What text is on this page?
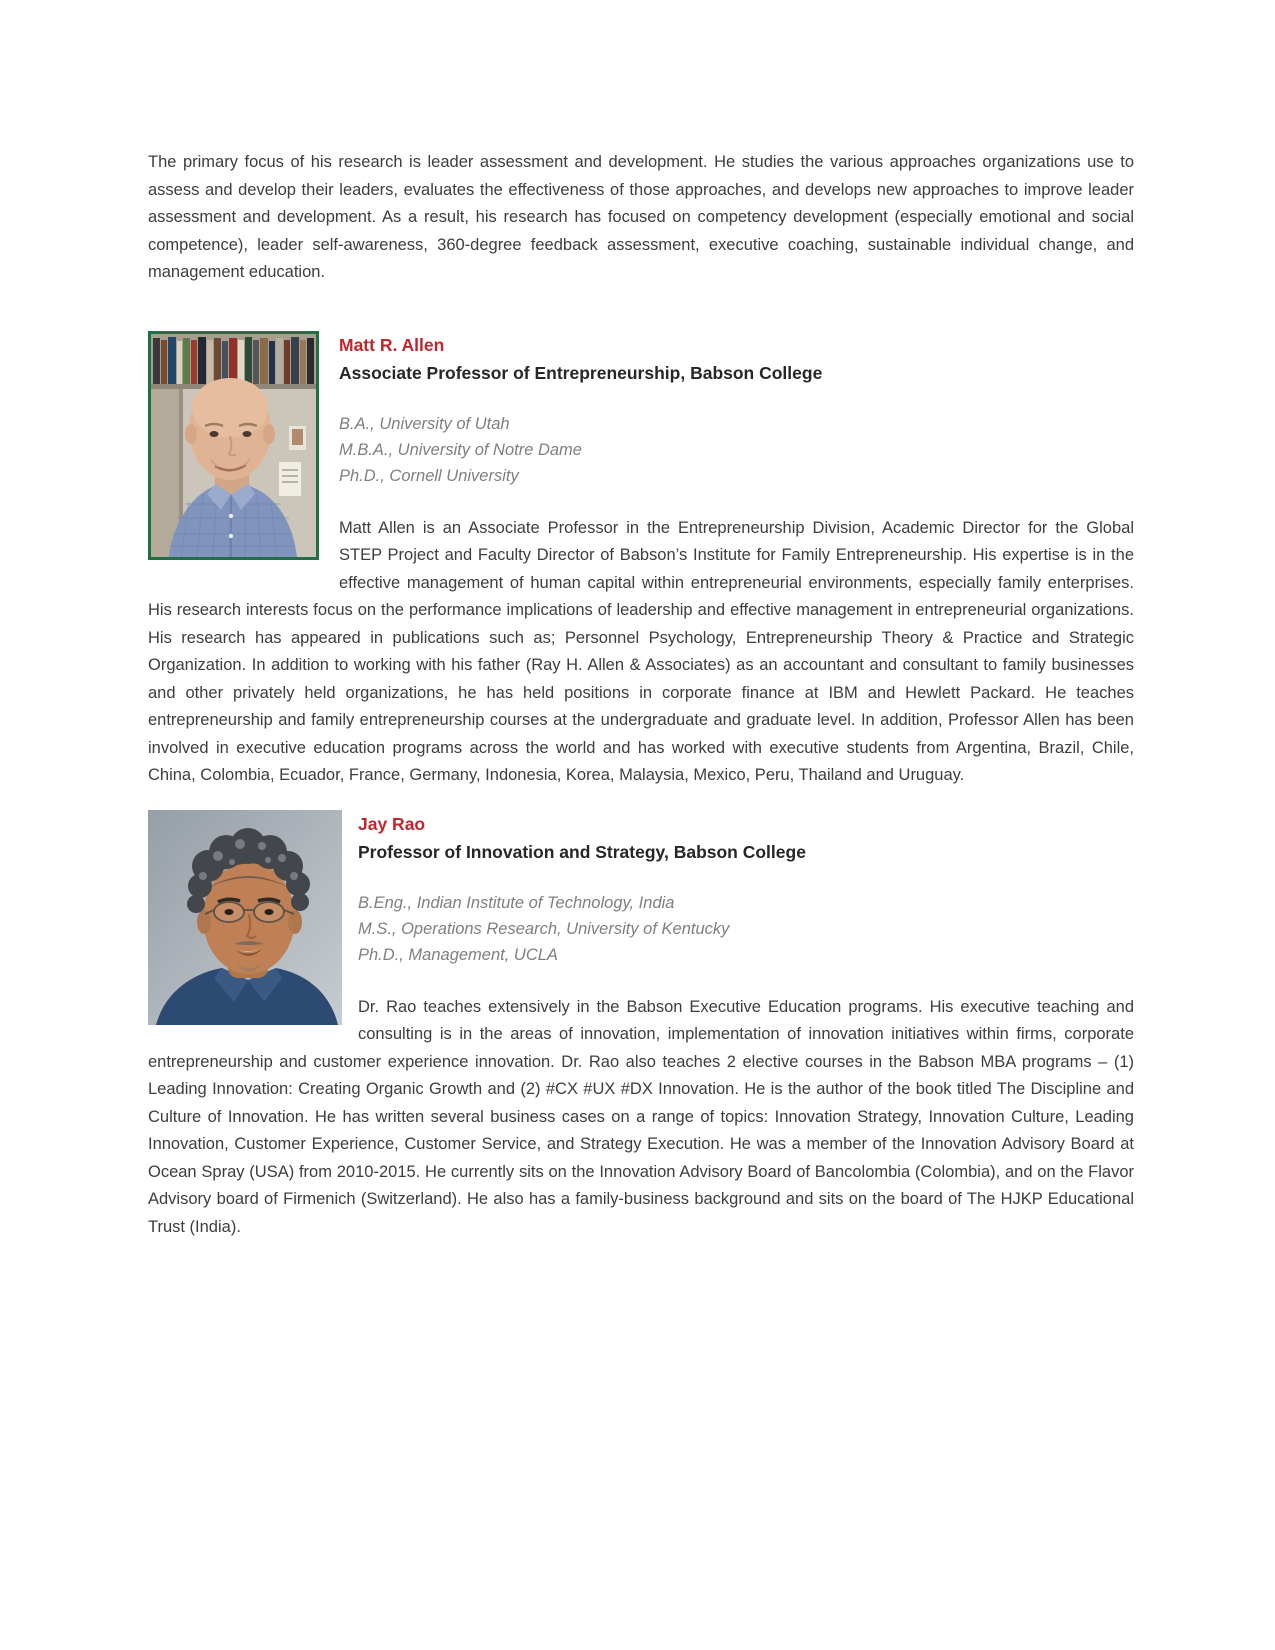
The primary focus of his research is leader assessment and development. He studies the various approaches organizations use to assess and develop their leaders, evaluates the effectiveness of those approaches, and develops new approaches to improve leader assessment and development. As a result, his research has focused on competency development (especially emotional and social competence), leader self-awareness, 360-degree feedback assessment, executive coaching, sustainable individual change, and management education.

Matt R. Allen
Associate Professor of Entrepreneurship, Babson College

B.A., University of Utah
M.B.A., University of Notre Dame
Ph.D., Cornell University

Matt Allen is an Associate Professor in the Entrepreneurship Division, Academic Director for the Global STEP Project and Faculty Director of Babson’s Institute for Family Entrepreneurship. His expertise is in the effective management of human capital within entrepreneurial environments, especially family enterprises. His research interests focus on the performance implications of leadership and effective management in entrepreneurial organizations. His research has appeared in publications such as; Personnel Psychology, Entrepreneurship Theory & Practice and Strategic Organization. In addition to working with his father (Ray H. Allen & Associates) as an accountant and consultant to family businesses and other privately held organizations, he has held positions in corporate finance at IBM and Hewlett Packard. He teaches entrepreneurship and family entrepreneurship courses at the undergraduate and graduate level. In addition, Professor Allen has been involved in executive education programs across the world and has worked with executive students from Argentina, Brazil, Chile, China, Colombia, Ecuador, France, Germany, Indonesia, Korea, Malaysia, Mexico, Peru, Thailand and Uruguay.

Jay Rao
Professor of Innovation and Strategy, Babson College

B.Eng., Indian Institute of Technology, India
M.S., Operations Research, University of Kentucky
Ph.D., Management, UCLA

Dr. Rao teaches extensively in the Babson Executive Education programs. His executive teaching and consulting is in the areas of innovation, implementation of innovation initiatives within firms, corporate entrepreneurship and customer experience innovation. Dr. Rao also teaches 2 elective courses in the Babson MBA programs – (1) Leading Innovation: Creating Organic Growth and (2) #CX #UX #DX Innovation. He is the author of the book titled The Discipline and Culture of Innovation. He has written several business cases on a range of topics: Innovation Strategy, Innovation Culture, Leading Innovation, Customer Experience, Customer Service, and Strategy Execution. He was a member of the Innovation Advisory Board at Ocean Spray (USA) from 2010-2015. He currently sits on the Innovation Advisory Board of Bancolombia (Colombia), and on the Flavor Advisory board of Firmenich (Switzerland). He also has a family-business background and sits on the board of The HJKP Educational Trust (India).
